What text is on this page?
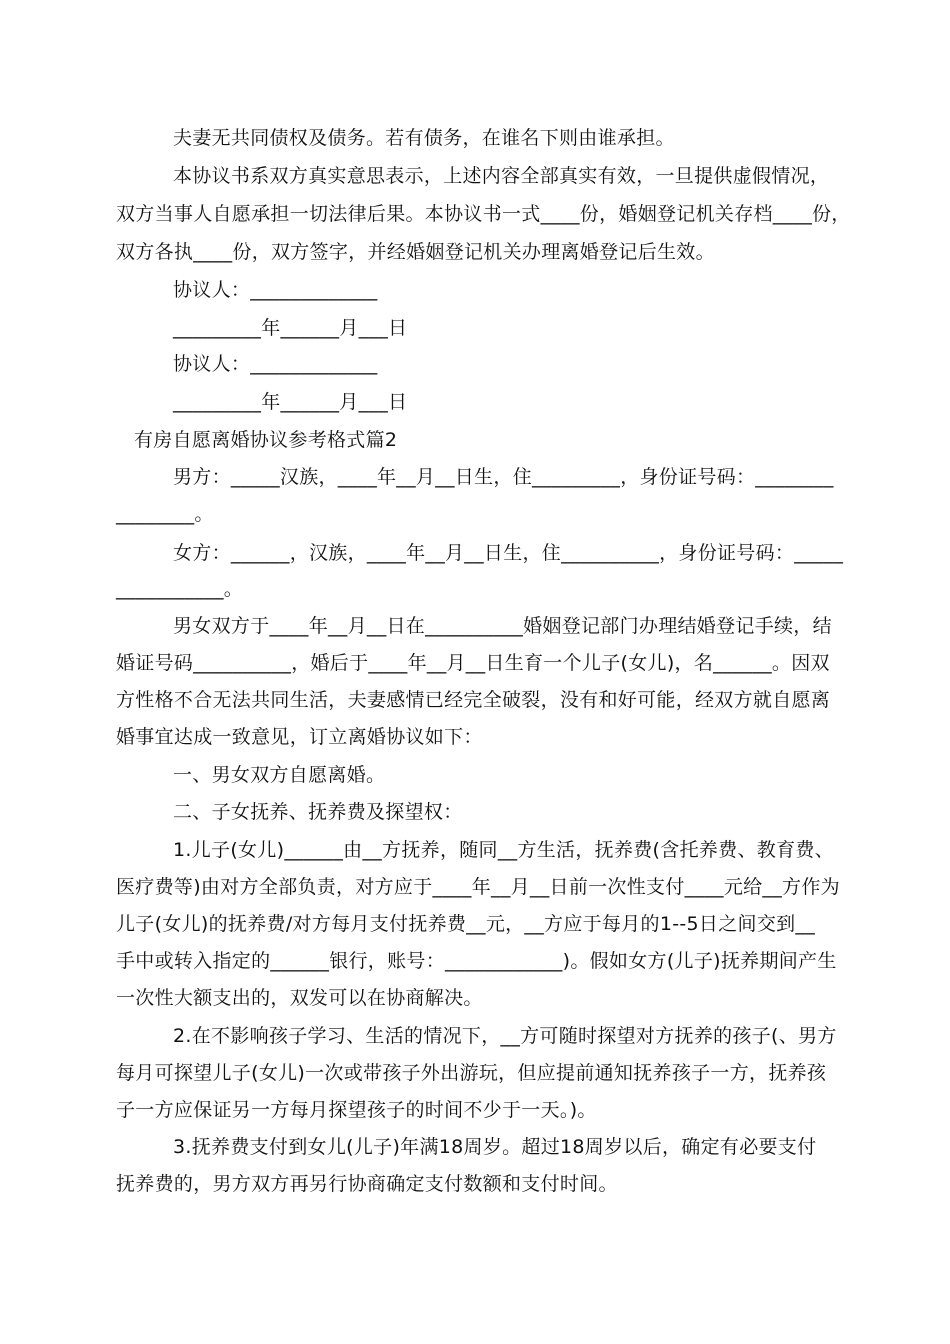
夫妻无共同债权及债务。若有债务，在谁名下则由谁承担。
本协议书系双方真实意思表示，上述内容全部真实有效，一旦提供虚假情况，
双方当事人自愿承担一切法律后果。本协议书一式____份，婚姻登记机关存档____份，
双方各执____份，双方签字，并经婚姻登记机关办理离婚登记后生效。
协议人：_____________
_________年______月___日
协议人：_____________
_________年______月___日
有房自愿离婚协议参考格式篇2
男方：_____汉族，____年__月__日生，住_________，身份证号码：________
________。
女方：______，汉族，____年__月__日生，住__________，身份证号码：_____
___________。
男女双方于____年__月__日在__________婚姻登记部门办理结婚登记手续，结
婚证号码__________，婚后于____年__月__日生育一个儿子(女儿)，名______。因双
方性格不合无法共同生活，夫妻感情已经完全破裂，没有和好可能，经双方就自愿离
婚事宜达成一致意见，订立离婚协议如下：
一、男女双方自愿离婚。
二、子女抚养、抚养费及探望权：
1.儿子(女儿)______由__方抚养，随同__方生活，抚养费(含托养费、教育费、
医疗费等)由对方全部负责，对方应于____年__月__日前一次性支付____元给__方作为
儿子(女儿)的抚养费/对方每月支付抚养费__元，__方应于每月的1--5日之间交到__
手中或转入指定的______银行，账号：____________)。假如女方(儿子)抚养期间产生
一次性大额支出的，双发可以在协商解决。
2.在不影响孩子学习、生活的情况下，__方可随时探望对方抚养的孩子(、男方
每月可探望儿子(女儿)一次或带孩子外出游玩，但应提前通知抚养孩子一方，抚养孩
子一方应保证另一方每月探望孩子的时间不少于一天。)。
3.抚养费支付到女儿(儿子)年满18周岁。超过18周岁以后，确定有必要支付
抚养费的，男方双方再另行协商确定支付数额和支付时间。
